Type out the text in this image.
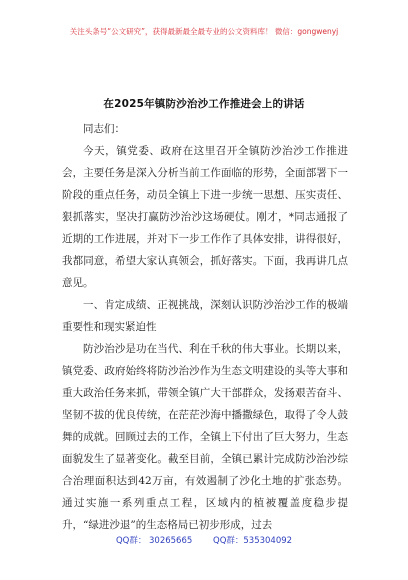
关注头条号“公文研究”，获得最新最全最专业的公文资料库！ 微信：gongwenyj
在2025年镇防沙治沙工作推进会上的讲话

同志们：

今天，镇党委、政府在这里召开全镇防沙治沙工作推进会，主要任务是深入分析当前工作面临的形势，全面部署下一阶段的重点任务，动员全镇上下进一步统一思想、压实责任、狠抓落实，坚决打赢防沙治沙这场硬仗。刚才，*同志通报了近期的工作进展，并对下一步工作作了具体安排，讲得很好，我都同意，希望大家认真领会，抓好落实。下面，我再讲几点意见。

一、肯定成绩、正视挑战，深刻认识防沙治沙工作的极端重要性和现实紧迫性

防沙治沙是功在当代、利在千秋的伟大事业。长期以来，镇党委、政府始终将防沙治沙作为生态文明建设的头等大事和重大政治任务来抓，带领全镇广大干部群众，发扬艰苦奋斗、坚韧不拔的优良传统，在茫茫沙海中播撒绿色，取得了令人鼓舞的成就。回顾过去的工作，全镇上下付出了巨大努力，生态面貌发生了显著变化。截至目前，全镇已累计完成防沙治沙综合治理面积达到42万亩，有效遏制了沙化土地的扩张态势。通过实施一系列重点工程，区域内的植被覆盖度稳步提升，“绿进沙退”的生态格局已初步形成，过去

QQ群： 30265665 QQ群：535304092
